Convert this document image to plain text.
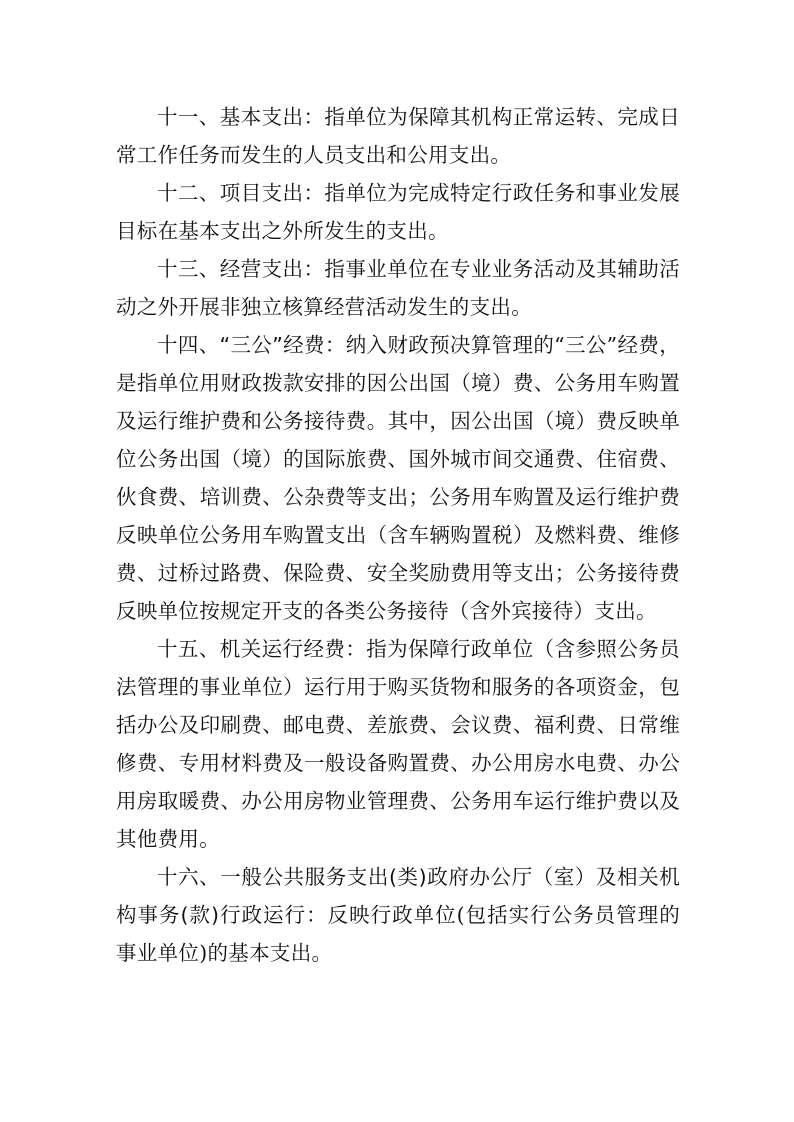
十一、基本支出：指单位为保障其机构正常运转、完成日常工作任务而发生的人员支出和公用支出。

十二、项目支出：指单位为完成特定行政任务和事业发展目标在基本支出之外所发生的支出。

十三、经营支出：指事业单位在专业业务活动及其辅助活动之外开展非独立核算经营活动发生的支出。

十四、“三公”经费：纳入财政预决算管理的“三公”经费，是指单位用财政拨款安排的因公出国（境）费、公务用车购置及运行维护费和公务接待费。其中，因公出国（境）费反映单位公务出国（境）的国际旅费、国外城市间交通费、住宿费、伙食费、培训费、公杂费等支出；公务用车购置及运行维护费反映单位公务用车购置支出（含车辆购置税）及燃料费、维修费、过桥过路费、保险费、安全奖励费用等支出；公务接待费反映单位按规定开支的各类公务接待（含外宾接待）支出。

十五、机关运行经费：指为保障行政单位（含参照公务员法管理的事业单位）运行用于购买货物和服务的各项资金，包括办公及印刷费、邮电费、差旅费、会议费、福利费、日常维修费、专用材料费及一般设备购置费、办公用房水电费、办公用房取暖费、办公用房物业管理费、公务用车运行维护费以及其他费用。

十六、一般公共服务支出(类)政府办公厅（室）及相关机构事务(款)行政运行：反映行政单位(包括实行公务员管理的事业单位)的基本支出。
